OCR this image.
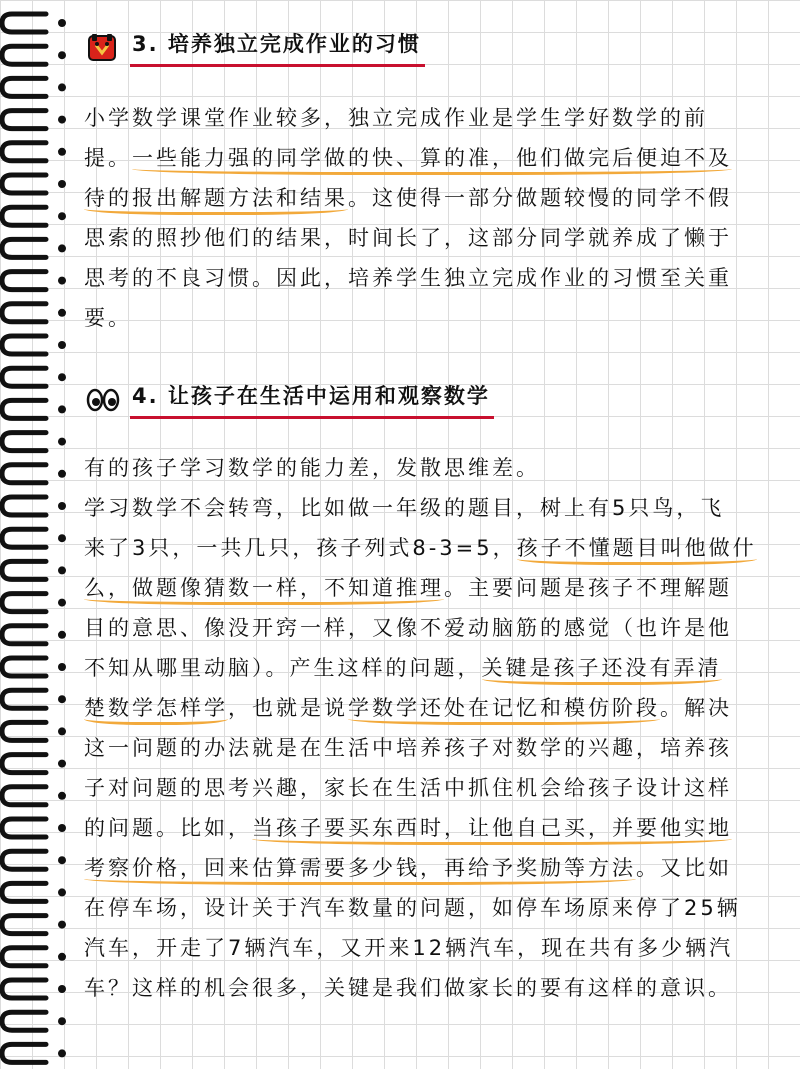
3. 培养独立完成作业的习惯
小学数学课堂作业较多，独立完成作业是学生学好数学的前
提。一些能力强的同学做的快、算的准，他们做完后便迫不及
待的报出解题方法和结果。这使得一部分做题较慢的同学不假
思索的照抄他们的结果，时间长了，这部分同学就养成了懒于
思考的不良习惯。因此，培养学生独立完成作业的习惯至关重
要。
4. 让孩子在生活中运用和观察数学
有的孩子学习数学的能力差，发散思维差。
学习数学不会转弯，比如做一年级的题目，树上有5只鸟，飞
来了3只，一共几只，孩子列式8-3=5，孩子不懂题目叫他做什
么，做题像猜数一样，不知道推理。主要问题是孩子不理解题
目的意思、像没开窍一样，又像不爱动脑筋的感觉（也许是他
不知从哪里动脑）。产生这样的问题，关键是孩子还没有弄清
楚数学怎样学，也就是说学数学还处在记忆和模仿阶段。解决
这一问题的办法就是在生活中培养孩子对数学的兴趣，培养孩
子对问题的思考兴趣，家长在生活中抓住机会给孩子设计这样
的问题。比如，当孩子要买东西时，让他自己买，并要他实地
考察价格，回来估算需要多少钱，再给予奖励等方法。又比如
在停车场，设计关于汽车数量的问题，如停车场原来停了25辆
汽车，开走了7辆汽车，又开来12辆汽车，现在共有多少辆汽
车？这样的机会很多，关键是我们做家长的要有这样的意识。
